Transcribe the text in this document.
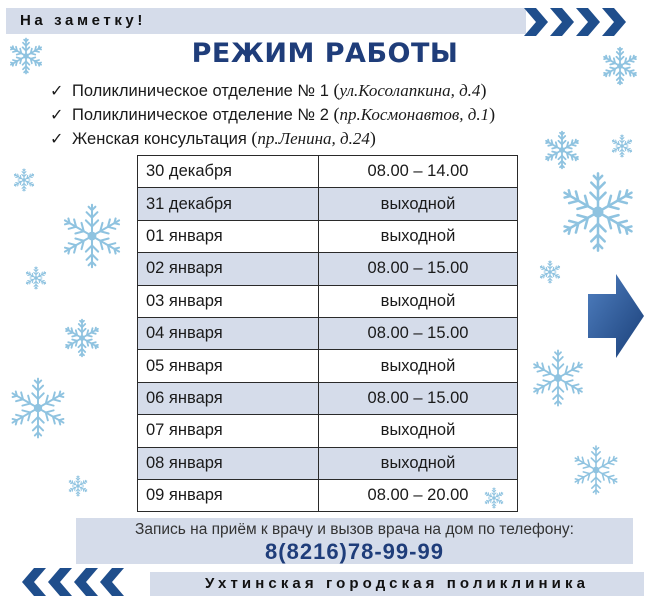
На заметку!
РЕЖИМ РАБОТЫ
✓ Поликлиническое отделение № 1 (ул.Косолапкина, д.4)
✓ Поликлиническое отделение № 2 (пр.Космонавтов, д.1)
✓ Женская консультация (пр.Ленина, д.24)
30 декабря	08.00 – 14.00
31 декабря	выходной
01 января	выходной
02 января	08.00 – 15.00
03 января	выходной
04 января	08.00 – 15.00
05 января	выходной
06 января	08.00 – 15.00
07 января	выходной
08 января	выходной
09 января	08.00 – 20.00
Запись на приём к врачу и вызов врача на дом по телефону:
8(8216)78-99-99
Ухтинская городская поликлиника
